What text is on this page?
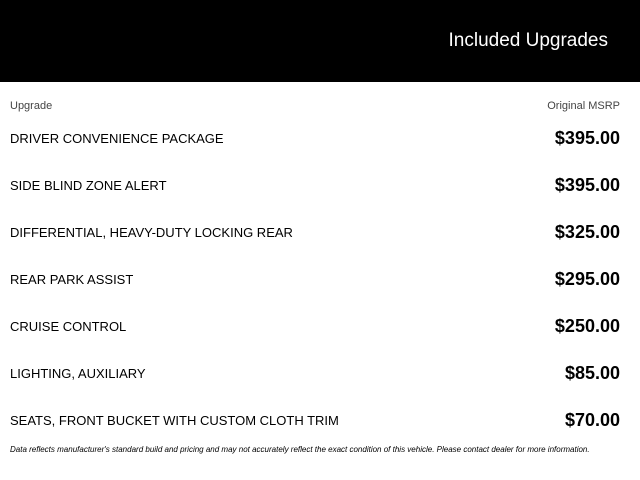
Included Upgrades
Upgrade	Original MSRP
DRIVER CONVENIENCE PACKAGE	$395.00
SIDE BLIND ZONE ALERT	$395.00
DIFFERENTIAL, HEAVY-DUTY LOCKING REAR	$325.00
REAR PARK ASSIST	$295.00
CRUISE CONTROL	$250.00
LIGHTING, AUXILIARY	$85.00
SEATS, FRONT BUCKET WITH CUSTOM CLOTH TRIM	$70.00
Data reflects manufacturer's standard build and pricing and may not accurately reflect the exact condition of this vehicle. Please contact dealer for more information.
